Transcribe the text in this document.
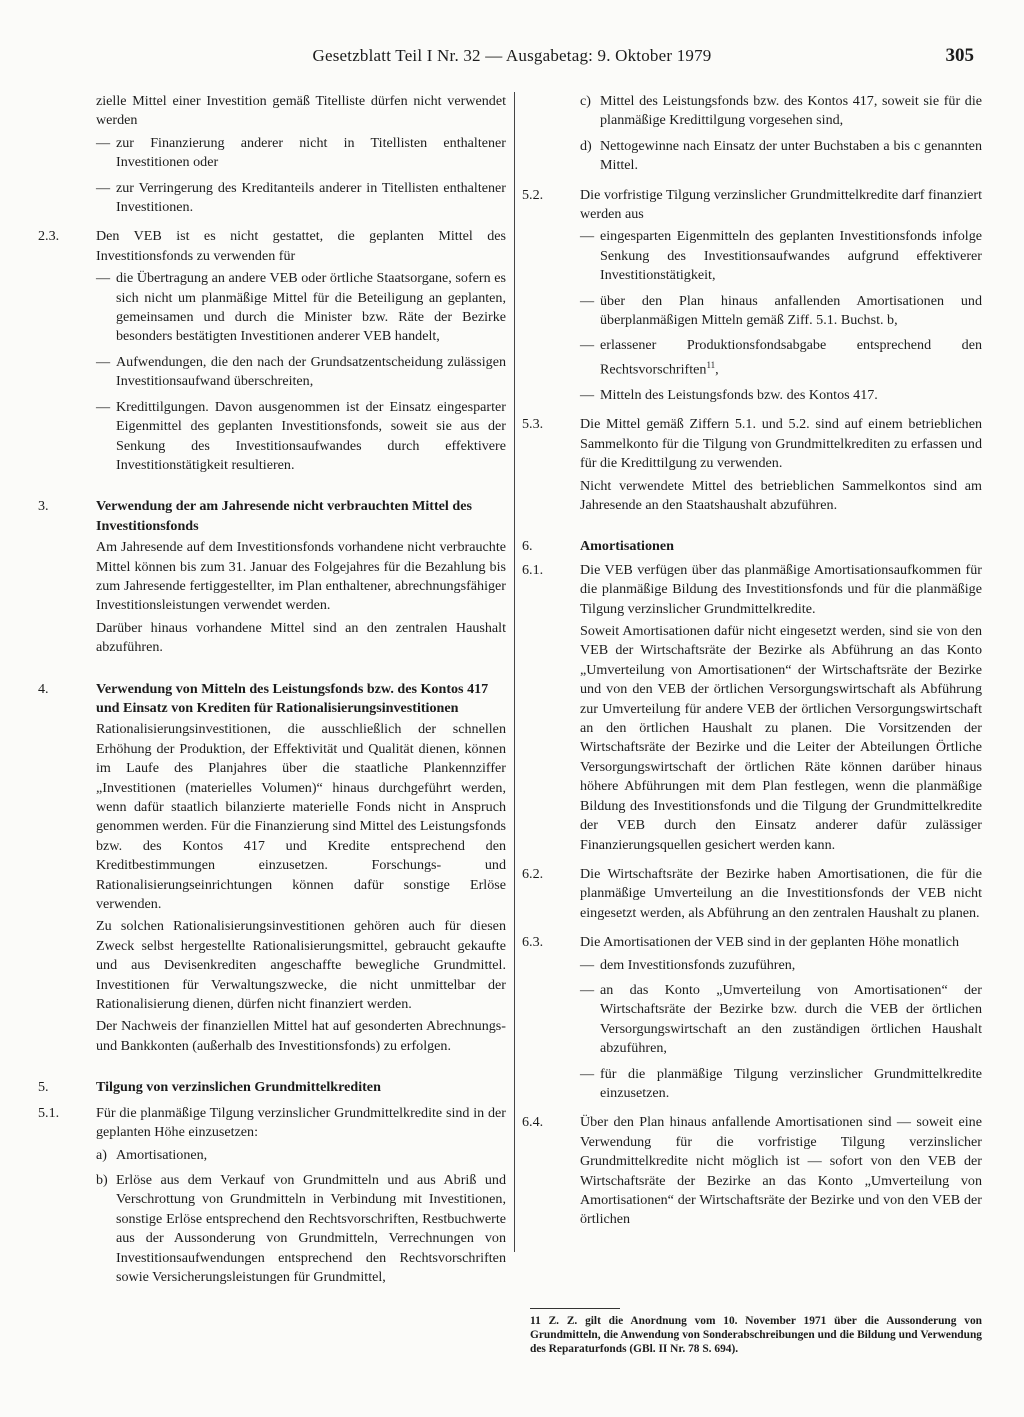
Gesetzblatt Teil I Nr. 32 — Ausgabetag: 9. Oktober 1979	305

zielle Mittel einer Investition gemäß Titelliste dürfen nicht verwendet werden

— zur Finanzierung anderer nicht in Titellisten enthaltener Investitionen oder
— zur Verringerung des Kreditanteils anderer in Titellisten enthaltener Investitionen.
2.3.	Den VEB ist es nicht gestattet, die geplanten Mittel des Investitionsfonds zu verwenden für

— die Übertragung an andere VEB oder örtliche Staatsorgane, sofern es sich nicht um planmäßige Mittel für die Beteiligung an geplanten, gemeinsamen und durch die Minister bzw. Räte der Bezirke besonders bestätigten Investitionen anderer VEB handelt,
— Aufwendungen, die den nach der Grundsatzentscheidung zulässigen Investitionsaufwand überschreiten,
— Kredittilgungen. Davon ausgenommen ist der Einsatz eingesparter Eigenmittel des geplanten Investitionsfonds, soweit sie aus der Senkung des Investitionsaufwandes durch effektivere Investitionstätigkeit resultieren.
3.	Verwendung der am Jahresende nicht verbrauchten Mittel des Investitionsfonds

Am Jahresende auf dem Investitionsfonds vorhandene nicht verbrauchte Mittel können bis zum 31. Januar des Folgejahres für die Bezahlung bis zum Jahresende fertiggestellter, im Plan enthaltener, abrechnungsfähiger Investitionsleistungen verwendet werden.

Darüber hinaus vorhandene Mittel sind an den zentralen Haushalt abzuführen.

4.	Verwendung von Mitteln des Leistungsfonds bzw. des Kontos 417 und Einsatz von Krediten für Rationalisierungsinvestitionen

Rationalisierungsinvestitionen, die ausschließlich der schnellen Erhöhung der Produktion, der Effektivität und Qualität dienen, können im Laufe des Planjahres über die staatliche Plankennziffer „Investitionen (materielles Volumen)“ hinaus durchgeführt werden, wenn dafür staatlich bilanzierte materielle Fonds nicht in Anspruch genommen werden. Für die Finanzierung sind Mittel des Leistungsfonds bzw. des Kontos 417 und Kredite entsprechend den Kreditbestimmungen einzusetzen. Forschungs- und Rationalisierungseinrichtungen können dafür sonstige Erlöse verwenden.

Zu solchen Rationalisierungsinvestitionen gehören auch für diesen Zweck selbst hergestellte Rationalisierungsmittel, gebraucht gekaufte und aus Devisenkrediten angeschaffte bewegliche Grundmittel. Investitionen für Verwaltungszwecke, die nicht unmittelbar der Rationalisierung dienen, dürfen nicht finanziert werden.

Der Nachweis der finanziellen Mittel hat auf gesonderten Abrechnungs- und Bankkonten (außerhalb des Investitionsfonds) zu erfolgen.

5.	Tilgung von verzinslichen Grundmittelkrediten
5.1.	Für die planmäßige Tilgung verzinslicher Grundmittelkredite sind in der geplanten Höhe einzusetzen:

a) Amortisationen,
b) Erlöse aus dem Verkauf von Grundmitteln und aus Abriß und Verschrottung von Grundmitteln in Verbindung mit Investitionen, sonstige Erlöse entsprechend den Rechtsvorschriften, Restbuchwerte aus der Aussonderung von Grundmitteln, Verrechnungen von Investitionsaufwendungen entsprechend den Rechtsvorschriften sowie Versicherungsleistungen für Grundmittel,
c) Mittel des Leistungsfonds bzw. des Kontos 417, soweit sie für die planmäßige Kredittilgung vorgesehen sind,
d) Nettogewinne nach Einsatz der unter Buchstaben a bis c genannten Mittel.
5.2.	Die vorfristige Tilgung verzinslicher Grundmittelkredite darf finanziert werden aus

— eingesparten Eigenmitteln des geplanten Investitionsfonds infolge Senkung des Investitionsaufwandes aufgrund effektiverer Investitionstätigkeit,
— über den Plan hinaus anfallenden Amortisationen und überplanmäßigen Mitteln gemäß Ziff. 5.1. Buchst. b,
— erlassener Produktionsfondsabgabe entsprechend den Rechtsvorschriften$^{11}$,
— Mitteln des Leistungsfonds bzw. des Kontos 417.
5.3.	Die Mittel gemäß Ziffern 5.1. und 5.2. sind auf einem betrieblichen Sammelkonto für die Tilgung von Grundmittelkrediten zu erfassen und für die Kredittilgung zu verwenden.

Nicht verwendete Mittel des betrieblichen Sammelkontos sind am Jahresende an den Staatshaushalt abzuführen.

6.	Amortisationen
6.1.	Die VEB verfügen über das planmäßige Amortisationsaufkommen für die planmäßige Bildung des Investitionsfonds und für die planmäßige Tilgung verzinslicher Grundmittelkredite.

Soweit Amortisationen dafür nicht eingesetzt werden, sind sie von den VEB der Wirtschaftsräte der Bezirke als Abführung an das Konto „Umverteilung von Amortisationen“ der Wirtschaftsräte der Bezirke und von den VEB der örtlichen Versorgungswirtschaft als Abführung zur Umverteilung für andere VEB der örtlichen Versorgungswirtschaft an den örtlichen Haushalt zu planen. Die Vorsitzenden der Wirtschaftsräte der Bezirke und die Leiter der Abteilungen Örtliche Versorgungswirtschaft der örtlichen Räte können darüber hinaus höhere Abführungen mit dem Plan festlegen, wenn die planmäßige Bildung des Investitionsfonds und die Tilgung der Grundmittelkredite der VEB durch den Einsatz anderer dafür zulässiger Finanzierungsquellen gesichert werden kann.

6.2.	Die Wirtschaftsräte der Bezirke haben Amortisationen, die für die planmäßige Umverteilung an die Investitionsfonds der VEB nicht eingesetzt werden, als Abführung an den zentralen Haushalt zu planen.

6.3.	Die Amortisationen der VEB sind in der geplanten Höhe monatlich

— dem Investitionsfonds zuzuführen,
— an das Konto „Umverteilung von Amortisationen“ der Wirtschaftsräte der Bezirke bzw. durch die VEB der örtlichen Versorgungswirtschaft an den zuständigen örtlichen Haushalt abzuführen,
— für die planmäßige Tilgung verzinslicher Grundmittelkredite einzusetzen.
6.4.	Über den Plan hinaus anfallende Amortisationen sind — soweit eine Verwendung für die vorfristige Tilgung verzinslicher Grundmittelkredite nicht möglich ist — sofort von den VEB der Wirtschaftsräte der Bezirke an das Konto „Umverteilung von Amortisationen“ der Wirtschaftsräte der Bezirke und von den VEB der örtlichen

11 Z. Z. gilt die Anordnung vom 10. November 1971 über die Aussonderung von Grundmitteln, die Anwendung von Sonderabschreibungen und die Bildung und Verwendung des Reparaturfonds (GBl. II Nr. 78 S. 694).
